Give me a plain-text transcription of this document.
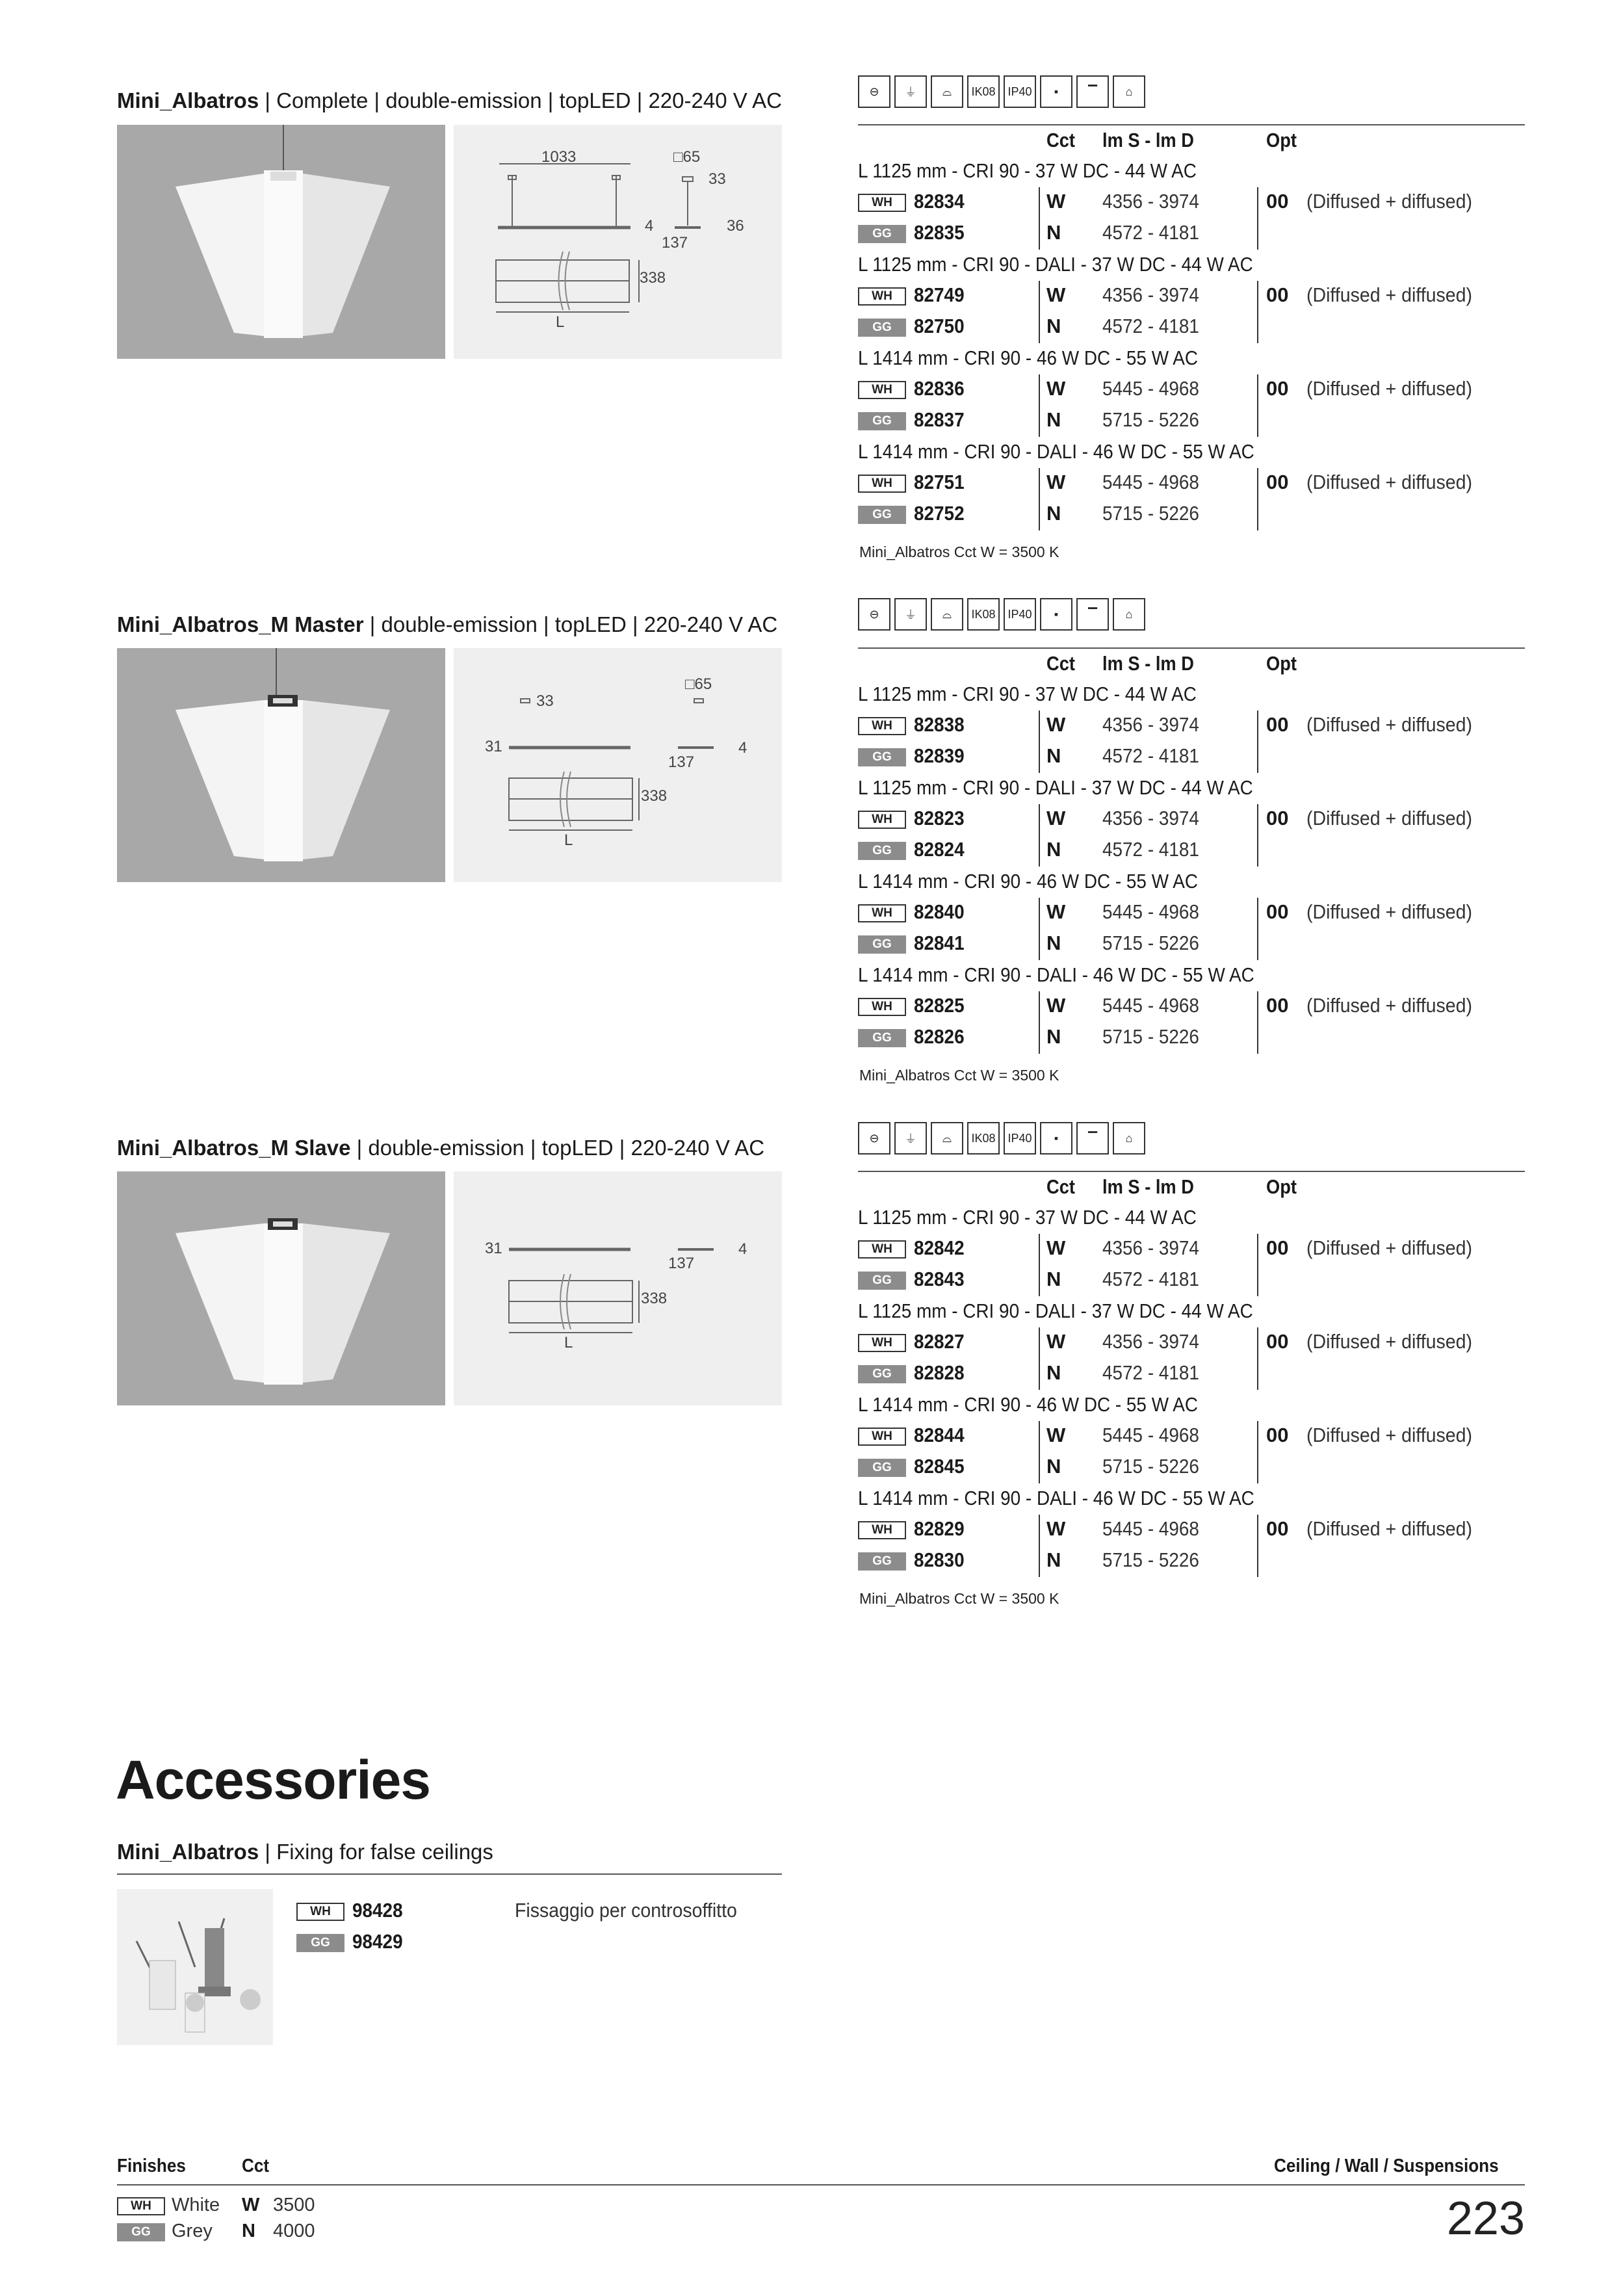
Mini_Albatros | Complete | double-emission | topLED | 220-240 V AC
1033	□65
33
36
4
137
338
L
⊖	⏚	⌓	IK08	IP40	▪	▔	⌂
Cct lm S - lm D	Opt
L 1125 mm - CRI 90 - 37 W DC - 44 W AC
WH	82834	W 4356 - 3974	00 (Diffused + diffused)
GG	82835	N 4572 - 4181
L 1125 mm - CRI 90 - DALI - 37 W DC - 44 W AC
WH	82749	W 4356 - 3974	00 (Diffused + diffused)
GG	82750	N 4572 - 4181
L 1414 mm - CRI 90 - 46 W DC - 55 W AC
WH	82836	W 5445 - 4968	00 (Diffused + diffused)
GG	82837	N 5715 - 5226
L 1414 mm - CRI 90 - DALI - 46 W DC - 55 W AC
WH	82751	W 5445 - 4968	00 (Diffused + diffused)
GG	82752	N 5715 - 5226
Mini_Albatros Cct W = 3500 K
Mini_Albatros_M Master | double-emission | topLED | 220-240 V AC
33
□65
31	4
137
338
L
⊖	⏚	⌓	IK08	IP40	▪	▔	⌂
Cct lm S - lm D	Opt
L 1125 mm - CRI 90 - 37 W DC - 44 W AC
WH	82838	W 4356 - 3974	00 (Diffused + diffused)
GG	82839	N 4572 - 4181
L 1125 mm - CRI 90 - DALI - 37 W DC - 44 W AC
WH	82823	W 4356 - 3974	00 (Diffused + diffused)
GG	82824	N 4572 - 4181
L 1414 mm - CRI 90 - 46 W DC - 55 W AC
WH	82840	W 5445 - 4968	00 (Diffused + diffused)
GG	82841	N 5715 - 5226
L 1414 mm - CRI 90 - DALI - 46 W DC - 55 W AC
WH	82825	W 5445 - 4968	00 (Diffused + diffused)
GG	82826	N 5715 - 5226
Mini_Albatros Cct W = 3500 K
Mini_Albatros_M Slave | double-emission | topLED | 220-240 V AC
31	4
137
338
L
⊖	⏚	⌓	IK08	IP40	▪	▔	⌂
Cct lm S - lm D	Opt
L 1125 mm - CRI 90 - 37 W DC - 44 W AC
WH	82842	W 4356 - 3974	00 (Diffused + diffused)
GG	82843	N 4572 - 4181
L 1125 mm - CRI 90 - DALI - 37 W DC - 44 W AC
WH	82827	W 4356 - 3974	00 (Diffused + diffused)
GG	82828	N 4572 - 4181
L 1414 mm - CRI 90 - 46 W DC - 55 W AC
WH	82844	W 5445 - 4968	00 (Diffused + diffused)
GG	82845	N 5715 - 5226
L 1414 mm - CRI 90 - DALI - 46 W DC - 55 W AC
WH	82829	W 5445 - 4968	00 (Diffused + diffused)
GG	82830	N 5715 - 5226
Mini_Albatros Cct W = 3500 K
Accessories
Mini_Albatros | Fixing for false ceilings
WH	98428
GG	98429
Fissaggio per controsoffitto
Finishes	Cct	Ceiling / Wall / Suspensions
WH	White W 3500
GG	Grey N 4000	223
